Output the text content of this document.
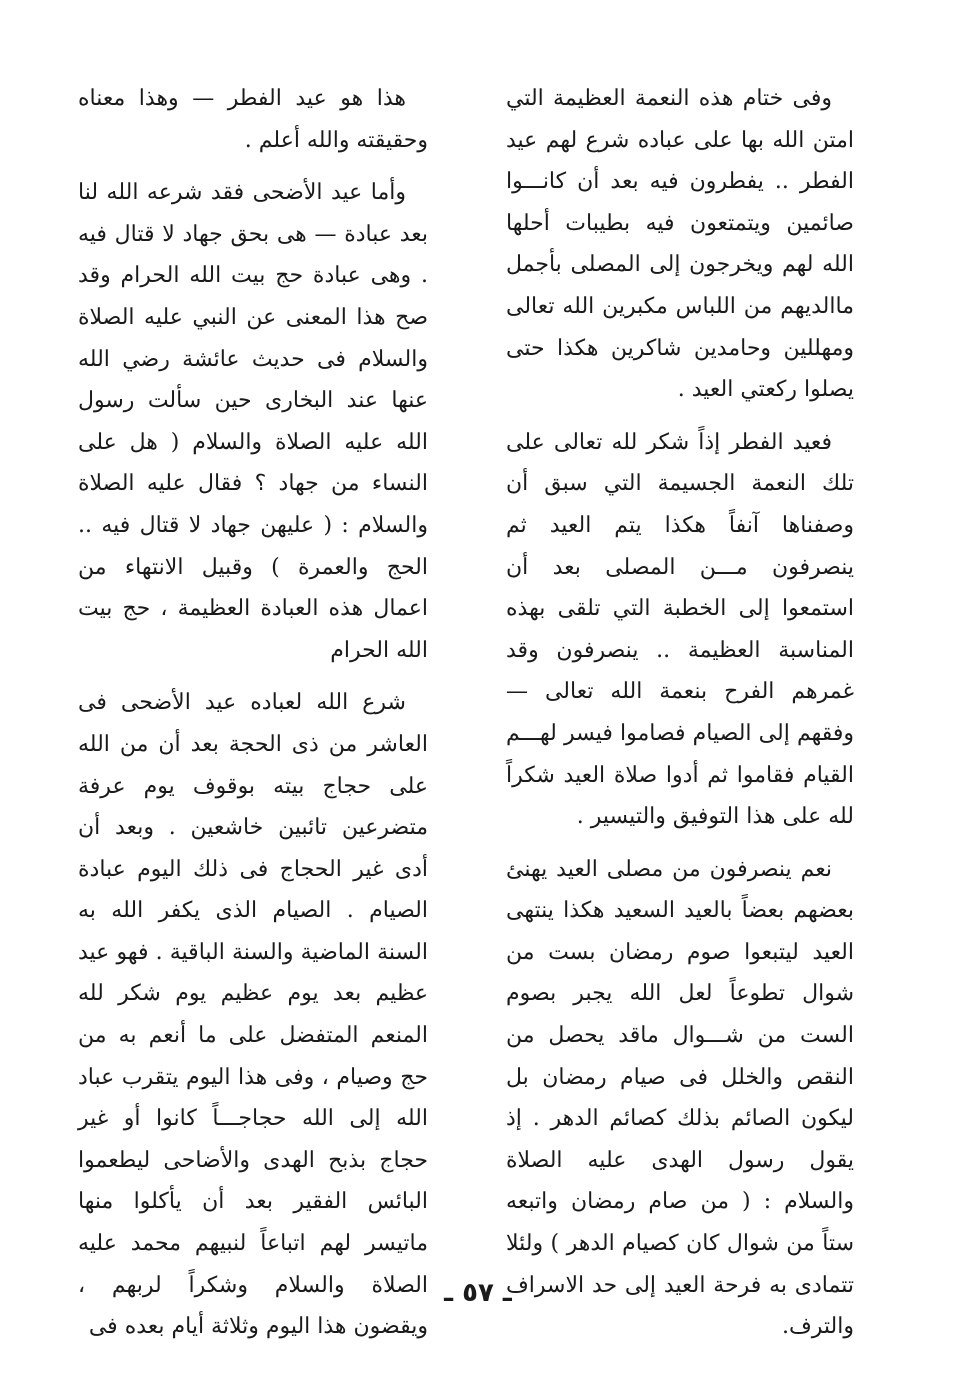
وفى ختام هذه النعمة العظيمة التي امتن الله بها على عباده شرع لهم عيد الفطر .. يفطرون فيه بعد أن كانـــوا صائمين ويتمتعون فيه بطيبات أحلها الله لهم ويخرجون إلى المصلى بأجمل ماالديهم من اللباس مكبرين الله تعالى ومهللين وحامدين شاكرين هكذا حتى يصلوا ركعتي العيد .

فعيد الفطر إذاً شكر لله تعالى على تلك النعمة الجسيمة التي سبق أن وصفناها آنفاً هكذا يتم العيد ثم ينصرفون مـــن المصلى بعد أن استمعوا إلى الخطبة التي تلقى بهذه المناسبة العظيمة .. ينصرفون وقد غمرهم الفرح بنعمة الله تعالى — وفقهم إلى الصيام فصاموا فيسر لهـــم القيام فقاموا ثم أدوا صلاة العيد شكراً لله على هذا التوفيق والتيسير .

نعم ينصرفون من مصلى العيد يهنئ بعضهم بعضاً بالعيد السعيد هكذا ينتهى العيد ليتبعوا صوم رمضان بست من شوال تطوعاً لعل الله يجبر بصوم الست من شـــوال ماقد يحصل من النقص والخلل فى صيام رمضان بل ليكون الصائم بذلك كصائم الدهر . إذ يقول رسول الهدى عليه الصلاة والسلام : ( من صام رمضان واتبعه ستاً من شوال كان كصيام الدهر ) ولئلا تتمادى به فرحة العيد إلى حد الاسراف والترف.

هذا هو عيد الفطر — وهذا معناه وحقيقته والله أعلم .

وأما عيد الأضحى فقد شرعه الله لنا بعد عبادة — هى بحق جهاد لا قتال فيه . وهى عبادة حج بيت الله الحرام وقد صح هذا المعنى عن النبي عليه الصلاة والسلام فى حديث عائشة رضي الله عنها عند البخارى حين سألت رسول الله عليه الصلاة والسلام ( هل على النساء من جهاد ؟ فقال عليه الصلاة والسلام : ( عليهن جهاد لا قتال فيه .. الحج والعمرة ) وقبيل الانتهاء من اعمال هذه العبادة العظيمة ، حج بيت الله الحرام

شرع الله لعباده عيد الأضحى فى العاشر من ذى الحجة بعد أن من الله على حجاج بيته بوقوف يوم عرفة متضرعين تائبين خاشعين . وبعد أن أدى غير الحجاج فى ذلك اليوم عبادة الصيام . الصيام الذى يكفر الله به السنة الماضية والسنة الباقية . فهو عيد عظيم بعد يوم عظيم يوم شكر لله المنعم المتفضل على ما أنعم به من حج وصيام ، وفى هذا اليوم يتقرب عباد الله إلى الله حجاجـــاً كانوا أو غير حجاج بذبح الهدى والأضاحى ليطعموا البائس الفقير بعد أن يأكلوا منها ماتيسر لهم اتباعاً لنبيهم محمد عليه الصلاة والسلام وشكراً لربهم ، ويقضون هذا اليوم وثلاثة أيام بعده فى

ـ ٥٧ ـ
